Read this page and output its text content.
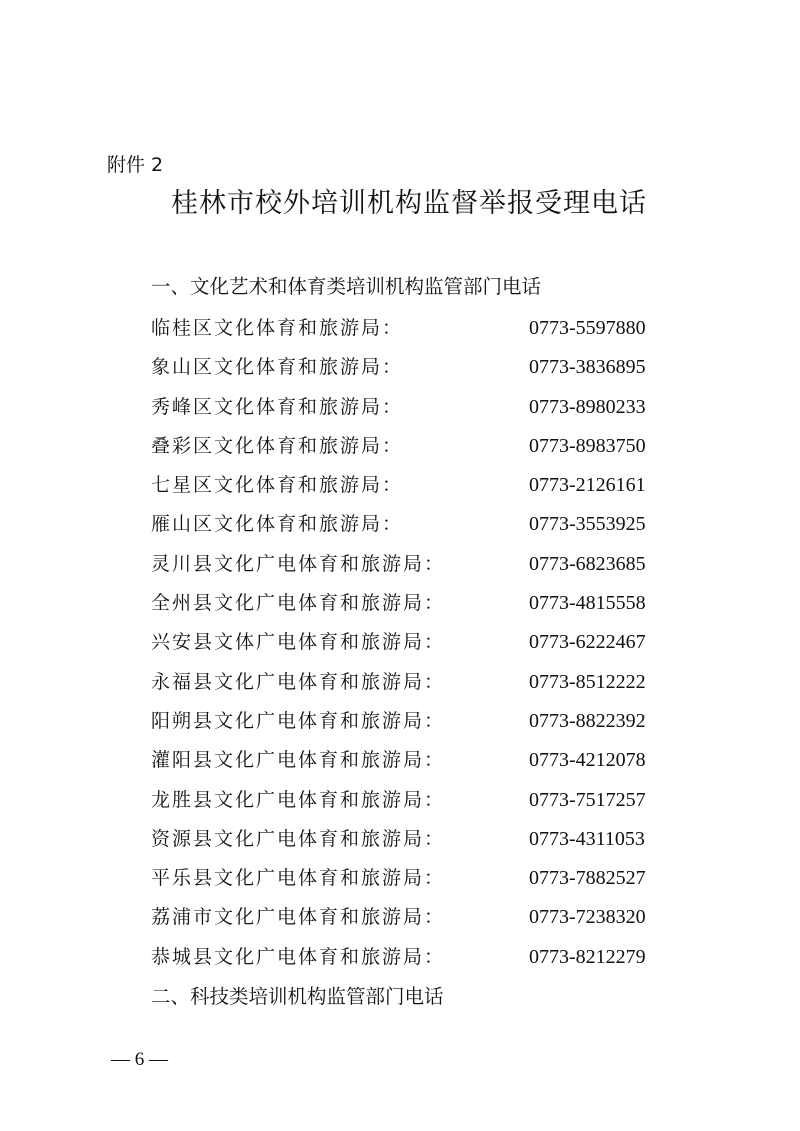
附件 2
桂林市校外培训机构监督举报受理电话
一、文化艺术和体育类培训机构监管部门电话
临桂区文化体育和旅游局：	0773-5597880
象山区文化体育和旅游局：	0773-3836895
秀峰区文化体育和旅游局：	0773-8980233
叠彩区文化体育和旅游局：	0773-8983750
七星区文化体育和旅游局：	0773-2126161
雁山区文化体育和旅游局：	0773-3553925
灵川县文化广电体育和旅游局：	0773-6823685
全州县文化广电体育和旅游局：	0773-4815558
兴安县文体广电体育和旅游局：	0773-6222467
永福县文化广电体育和旅游局：	0773-8512222
阳朔县文化广电体育和旅游局：	0773-8822392
灌阳县文化广电体育和旅游局：	0773-4212078
龙胜县文化广电体育和旅游局：	0773-7517257
资源县文化广电体育和旅游局：	0773-4311053
平乐县文化广电体育和旅游局：	0773-7882527
荔浦市文化广电体育和旅游局：	0773-7238320
恭城县文化广电体育和旅游局：	0773-8212279
二、科技类培训机构监管部门电话
— 6 —
